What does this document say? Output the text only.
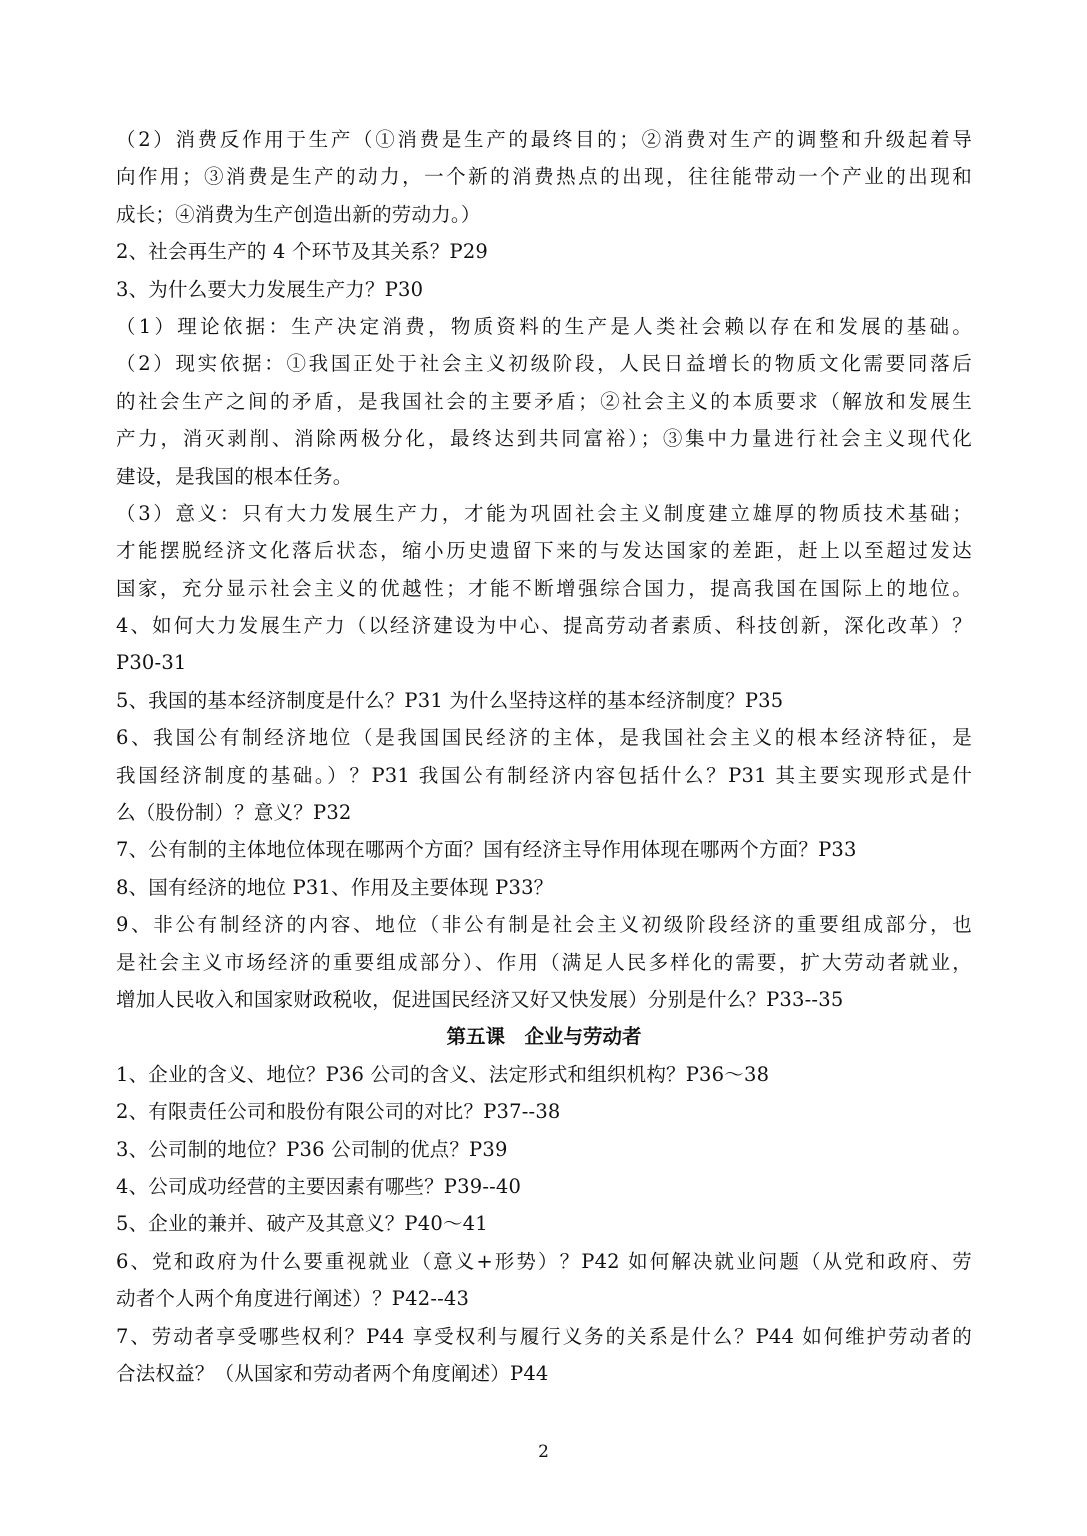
（2）消费反作用于生产（①消费是生产的最终目的；②消费对生产的调整和升级起着导
向作用；③消费是生产的动力，一个新的消费热点的出现，往往能带动一个产业的出现和
成长；④消费为生产创造出新的劳动力。）
2、社会再生产的 4 个环节及其关系？P29
3、为什么要大力发展生产力？P30
（1）理论依据：生产决定消费，物质资料的生产是人类社会赖以存在和发展的基础。
（2）现实依据：①我国正处于社会主义初级阶段，人民日益增长的物质文化需要同落后
的社会生产之间的矛盾，是我国社会的主要矛盾；②社会主义的本质要求（解放和发展生
产力，消灭剥削、消除两极分化，最终达到共同富裕）；③集中力量进行社会主义现代化
建设，是我国的根本任务。
（3）意义：只有大力发展生产力，才能为巩固社会主义制度建立雄厚的物质技术基础；
才能摆脱经济文化落后状态，缩小历史遗留下来的与发达国家的差距，赶上以至超过发达
国家，充分显示社会主义的优越性；才能不断增强综合国力，提高我国在国际上的地位。
4、如何大力发展生产力（以经济建设为中心、提高劳动者素质、科技创新，深化改革）？
P30-31
5、我国的基本经济制度是什么？P31 为什么坚持这样的基本经济制度？P35
6、我国公有制经济地位（是我国国民经济的主体，是我国社会主义的根本经济特征，是
我国经济制度的基础。）？P31 我国公有制经济内容包括什么？P31 其主要实现形式是什
么（股份制）？意义？P32
7、公有制的主体地位体现在哪两个方面？国有经济主导作用体现在哪两个方面？P33
8、国有经济的地位 P31、作用及主要体现 P33？
9、非公有制经济的内容、地位（非公有制是社会主义初级阶段经济的重要组成部分，也
是社会主义市场经济的重要组成部分）、作用（满足人民多样化的需要，扩大劳动者就业，
增加人民收入和国家财政税收，促进国民经济又好又快发展）分别是什么？P33--35
第五课　企业与劳动者
1、企业的含义、地位？P36 公司的含义、法定形式和组织机构？P36～38
2、有限责任公司和股份有限公司的对比？P37--38
3、公司制的地位？P36 公司制的优点？P39
4、公司成功经营的主要因素有哪些？P39--40
5、企业的兼并、破产及其意义？P40～41
6、党和政府为什么要重视就业（意义+形势）？P42 如何解决就业问题（从党和政府、劳
动者个人两个角度进行阐述）？P42--43
7、劳动者享受哪些权利？P44 享受权利与履行义务的关系是什么？P44 如何维护劳动者的
合法权益？（从国家和劳动者两个角度阐述）P44
2
